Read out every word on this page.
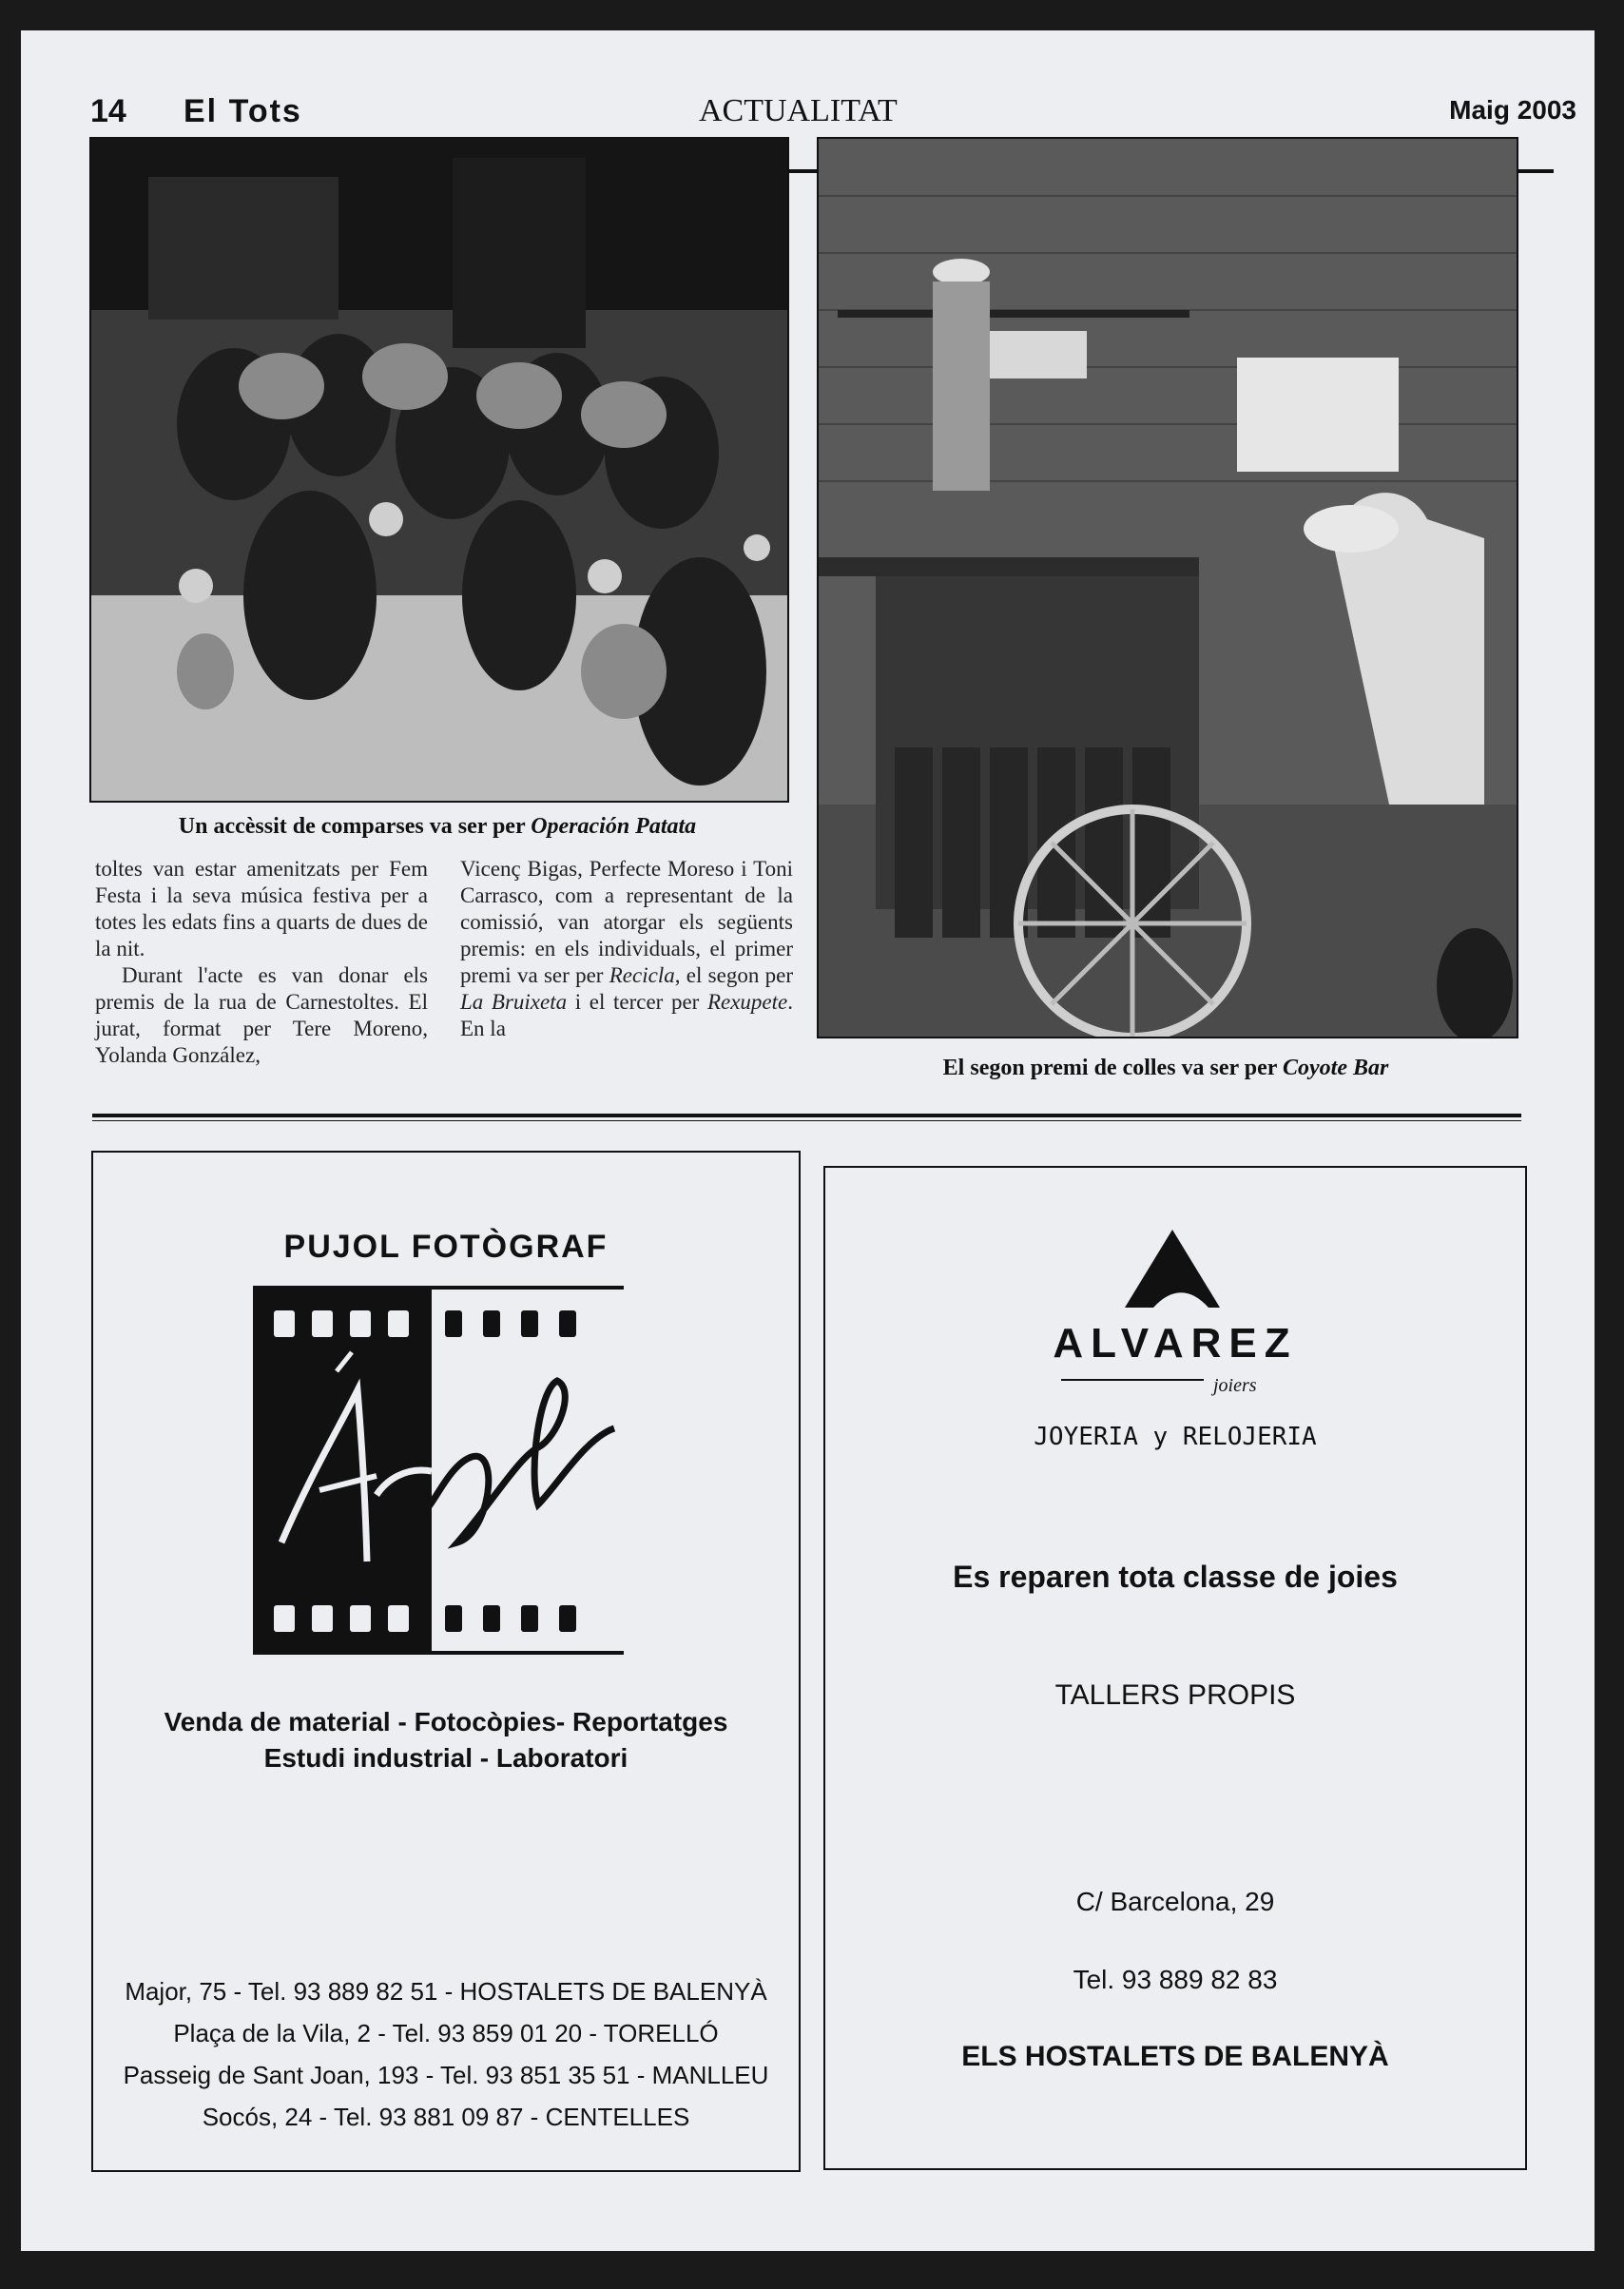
14 El Tots	ACTUALITAT	Maig 2003
Un accèssit de comparses va ser per Operación Patata
El segon premi de colles va ser per Coyote Bar

toltes van estar amenitzats per Fem Festa i la seva música festiva per a totes les edats fins a quarts de dues de la nit.

Durant l'acte es van donar els premis de la rua de Carnestoltes. El jurat, format per Tere Moreno, Yolanda González,

Vicenç Bigas, Perfecte Moreso i Toni Carrasco, com a representant de la comissió, van atorgar els següents premis: en els individuals, el primer premi va ser per Recicla, el segon per La Bruixeta i el tercer per Rexupete. En la

PUJOL FOTÒGRAF
Venda de material - Fotocòpies- Reportatges
Estudi industrial - Laboratori
Major, 75 - Tel. 93 889 82 51 - HOSTALETS DE BALENYÀ
Plaça de la Vila, 2 - Tel. 93 859 01 20 - TORELLÓ
Passeig de Sant Joan, 193 - Tel. 93 851 35 51 - MANLLEU
Socós, 24 - Tel. 93 881 09 87 - CENTELLES
ALVAREZ
joiers
JOYERIA y RELOJERIA
Es reparen tota classe de joies
TALLERS PROPIS
C/ Barcelona, 29
Tel. 93 889 82 83
ELS HOSTALETS DE BALENYÀ
